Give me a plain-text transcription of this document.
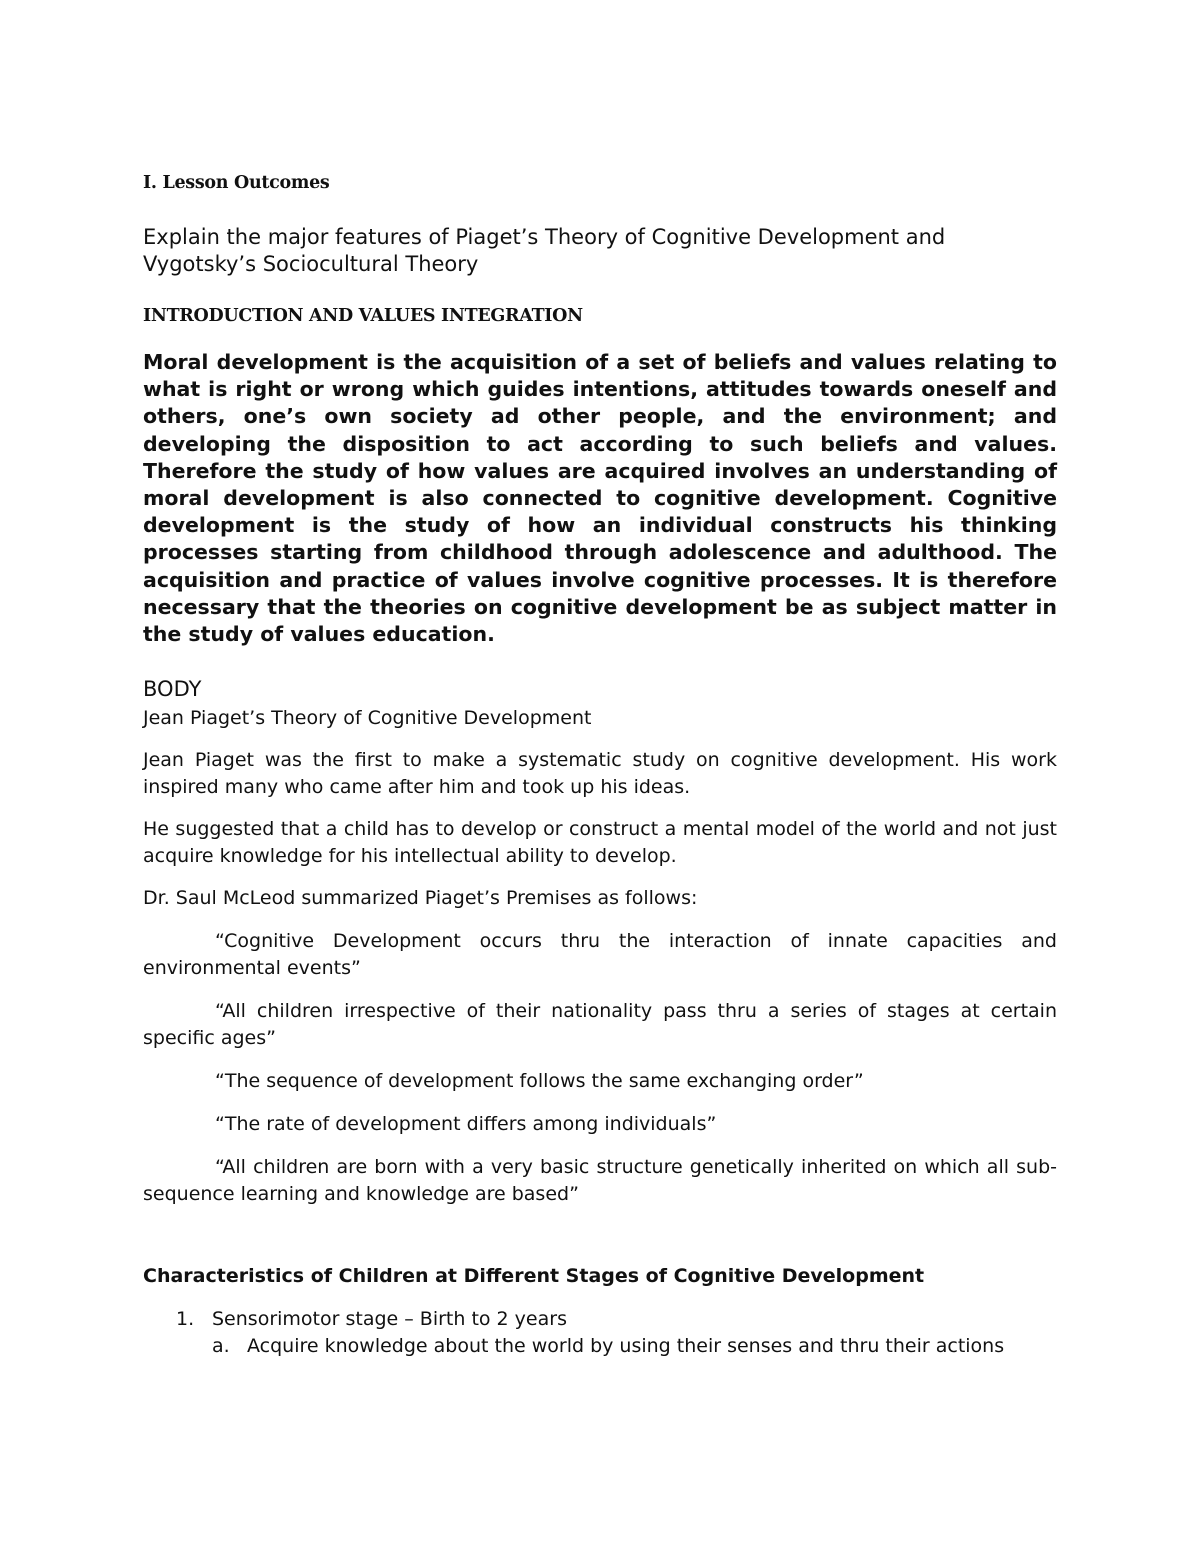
I. Lesson Outcomes

Explain the major features of Piaget’s Theory of Cognitive Development and Vygotsky’s Sociocultural Theory

INTRODUCTION AND VALUES INTEGRATION

Moral development is the acquisition of a set of beliefs and values relating to what is right or wrong which guides intentions, attitudes towards oneself and others, one’s own society ad other people, and the environment; and developing the disposition to act according to such beliefs and values. Therefore the study of how values are acquired involves an understanding of moral development is also connected to cognitive development. Cognitive development is the study of how an individual constructs his thinking processes starting from childhood through adolescence and adulthood. The acquisition and practice of values involve cognitive processes. It is therefore necessary that the theories on cognitive development be as subject matter in the study of values education.

BODY

Jean Piaget’s Theory of Cognitive Development

Jean Piaget was the first to make a systematic study on cognitive development. His work inspired many who came after him and took up his ideas.

He suggested that a child has to develop or construct a mental model of the world and not just acquire knowledge for his intellectual ability to develop.

Dr. Saul McLeod summarized Piaget’s Premises as follows:

“Cognitive Development occurs thru the interaction of innate capacities and environmental events”

“All children irrespective of their nationality pass thru a series of stages at certain specific ages”

“The sequence of development follows the same exchanging order”

“The rate of development differs among individuals”

“All children are born with a very basic structure genetically inherited on which all sub-sequence learning and knowledge are based”

Characteristics of Children at Different Stages of Cognitive Development

1. Sensorimotor stage – Birth to 2 years
a. Acquire knowledge about the world by using their senses and thru their actions
